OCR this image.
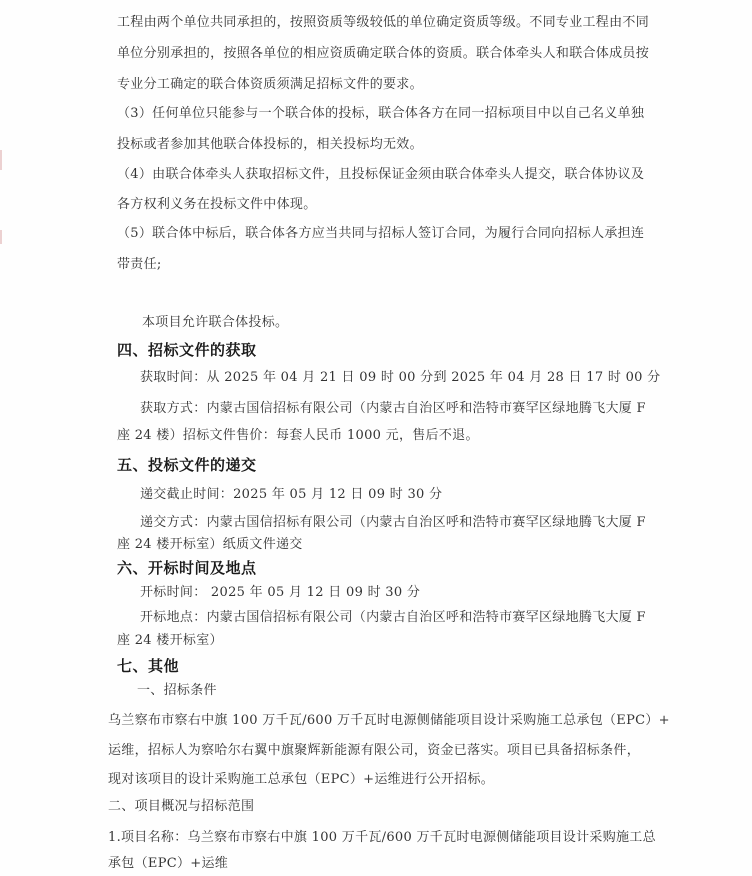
工程由两个单位共同承担的，按照资质等级较低的单位确定资质等级。不同专业工程由不同
单位分别承担的，按照各单位的相应资质确定联合体的资质。联合体牵头人和联合体成员按
专业分工确定的联合体资质须满足招标文件的要求。
（3）任何单位只能参与一个联合体的投标，联合体各方在同一招标项目中以自己名义单独
投标或者参加其他联合体投标的，相关投标均无效。
（4）由联合体牵头人获取招标文件，且投标保证金须由联合体牵头人提交，联合体协议及
各方权利义务在投标文件中体现。
（5）联合体中标后，联合体各方应当共同与招标人签订合同，为履行合同向招标人承担连
带责任;
本项目允许联合体投标。
四、招标文件的获取
获取时间：从 2025 年 04 月 21 日 09 时 00 分到 2025 年 04 月 28 日 17 时 00 分
获取方式：内蒙古国信招标有限公司（内蒙古自治区呼和浩特市赛罕区绿地腾飞大厦 F
座 24 楼）招标文件售价：每套人民币 1000 元，售后不退。
五、投标文件的递交
递交截止时间：2025 年 05 月 12 日 09 时 30 分
递交方式：内蒙古国信招标有限公司（内蒙古自治区呼和浩特市赛罕区绿地腾飞大厦 F
座 24 楼开标室）纸质文件递交
六、开标时间及地点
开标时间： 2025 年 05 月 12 日 09 时 30 分
开标地点：内蒙古国信招标有限公司（内蒙古自治区呼和浩特市赛罕区绿地腾飞大厦 F
座 24 楼开标室）
七、其他
一、招标条件
乌兰察布市察右中旗 100 万千瓦/600 万千瓦时电源侧储能项目设计采购施工总承包（EPC）+
运维，招标人为察哈尔右翼中旗聚辉新能源有限公司，资金已落实。项目已具备招标条件，
现对该项目的设计采购施工总承包（EPC）+运维进行公开招标。
二、项目概况与招标范围
1.项目名称：乌兰察布市察右中旗 100 万千瓦/600 万千瓦时电源侧储能项目设计采购施工总
承包（EPC）+运维
